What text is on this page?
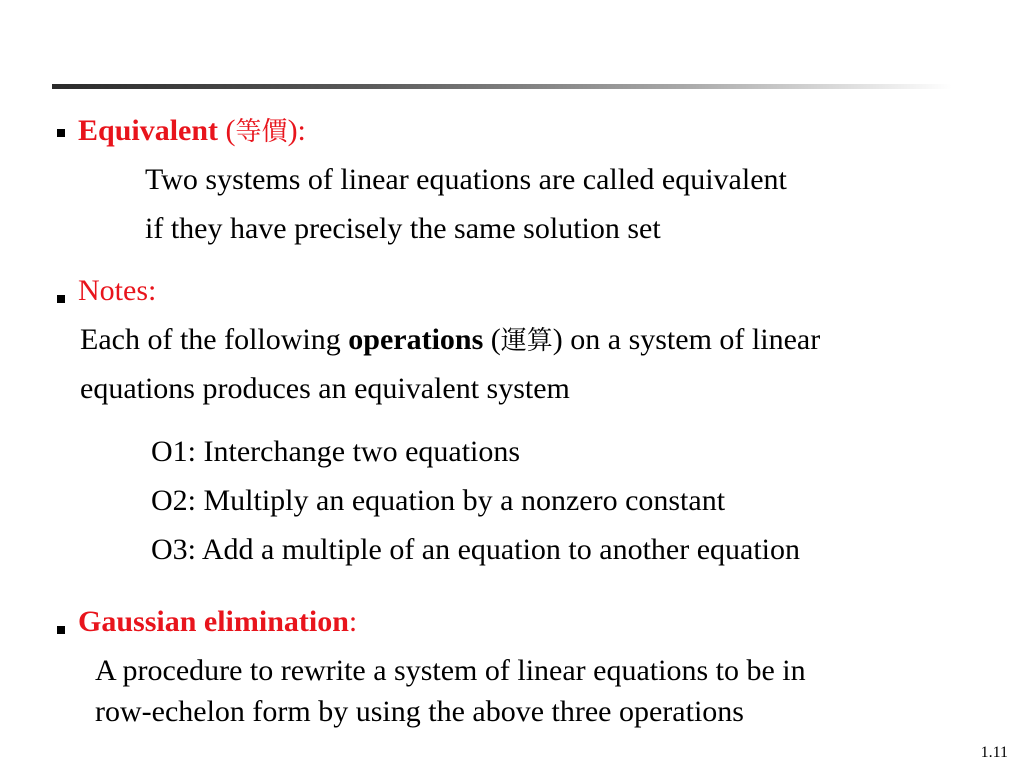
Equivalent (等價):
Two systems of linear equations are called equivalent
if they have precisely the same solution set
Notes:
Each of the following operations (運算) on a system of linear
equations produces an equivalent system
O1: Interchange two equations
O2: Multiply an equation by a nonzero constant
O3: Add a multiple of an equation to another equation
Gaussian elimination:
A procedure to rewrite a system of linear equations to be in
row-echelon form by using the above three operations
1.11
